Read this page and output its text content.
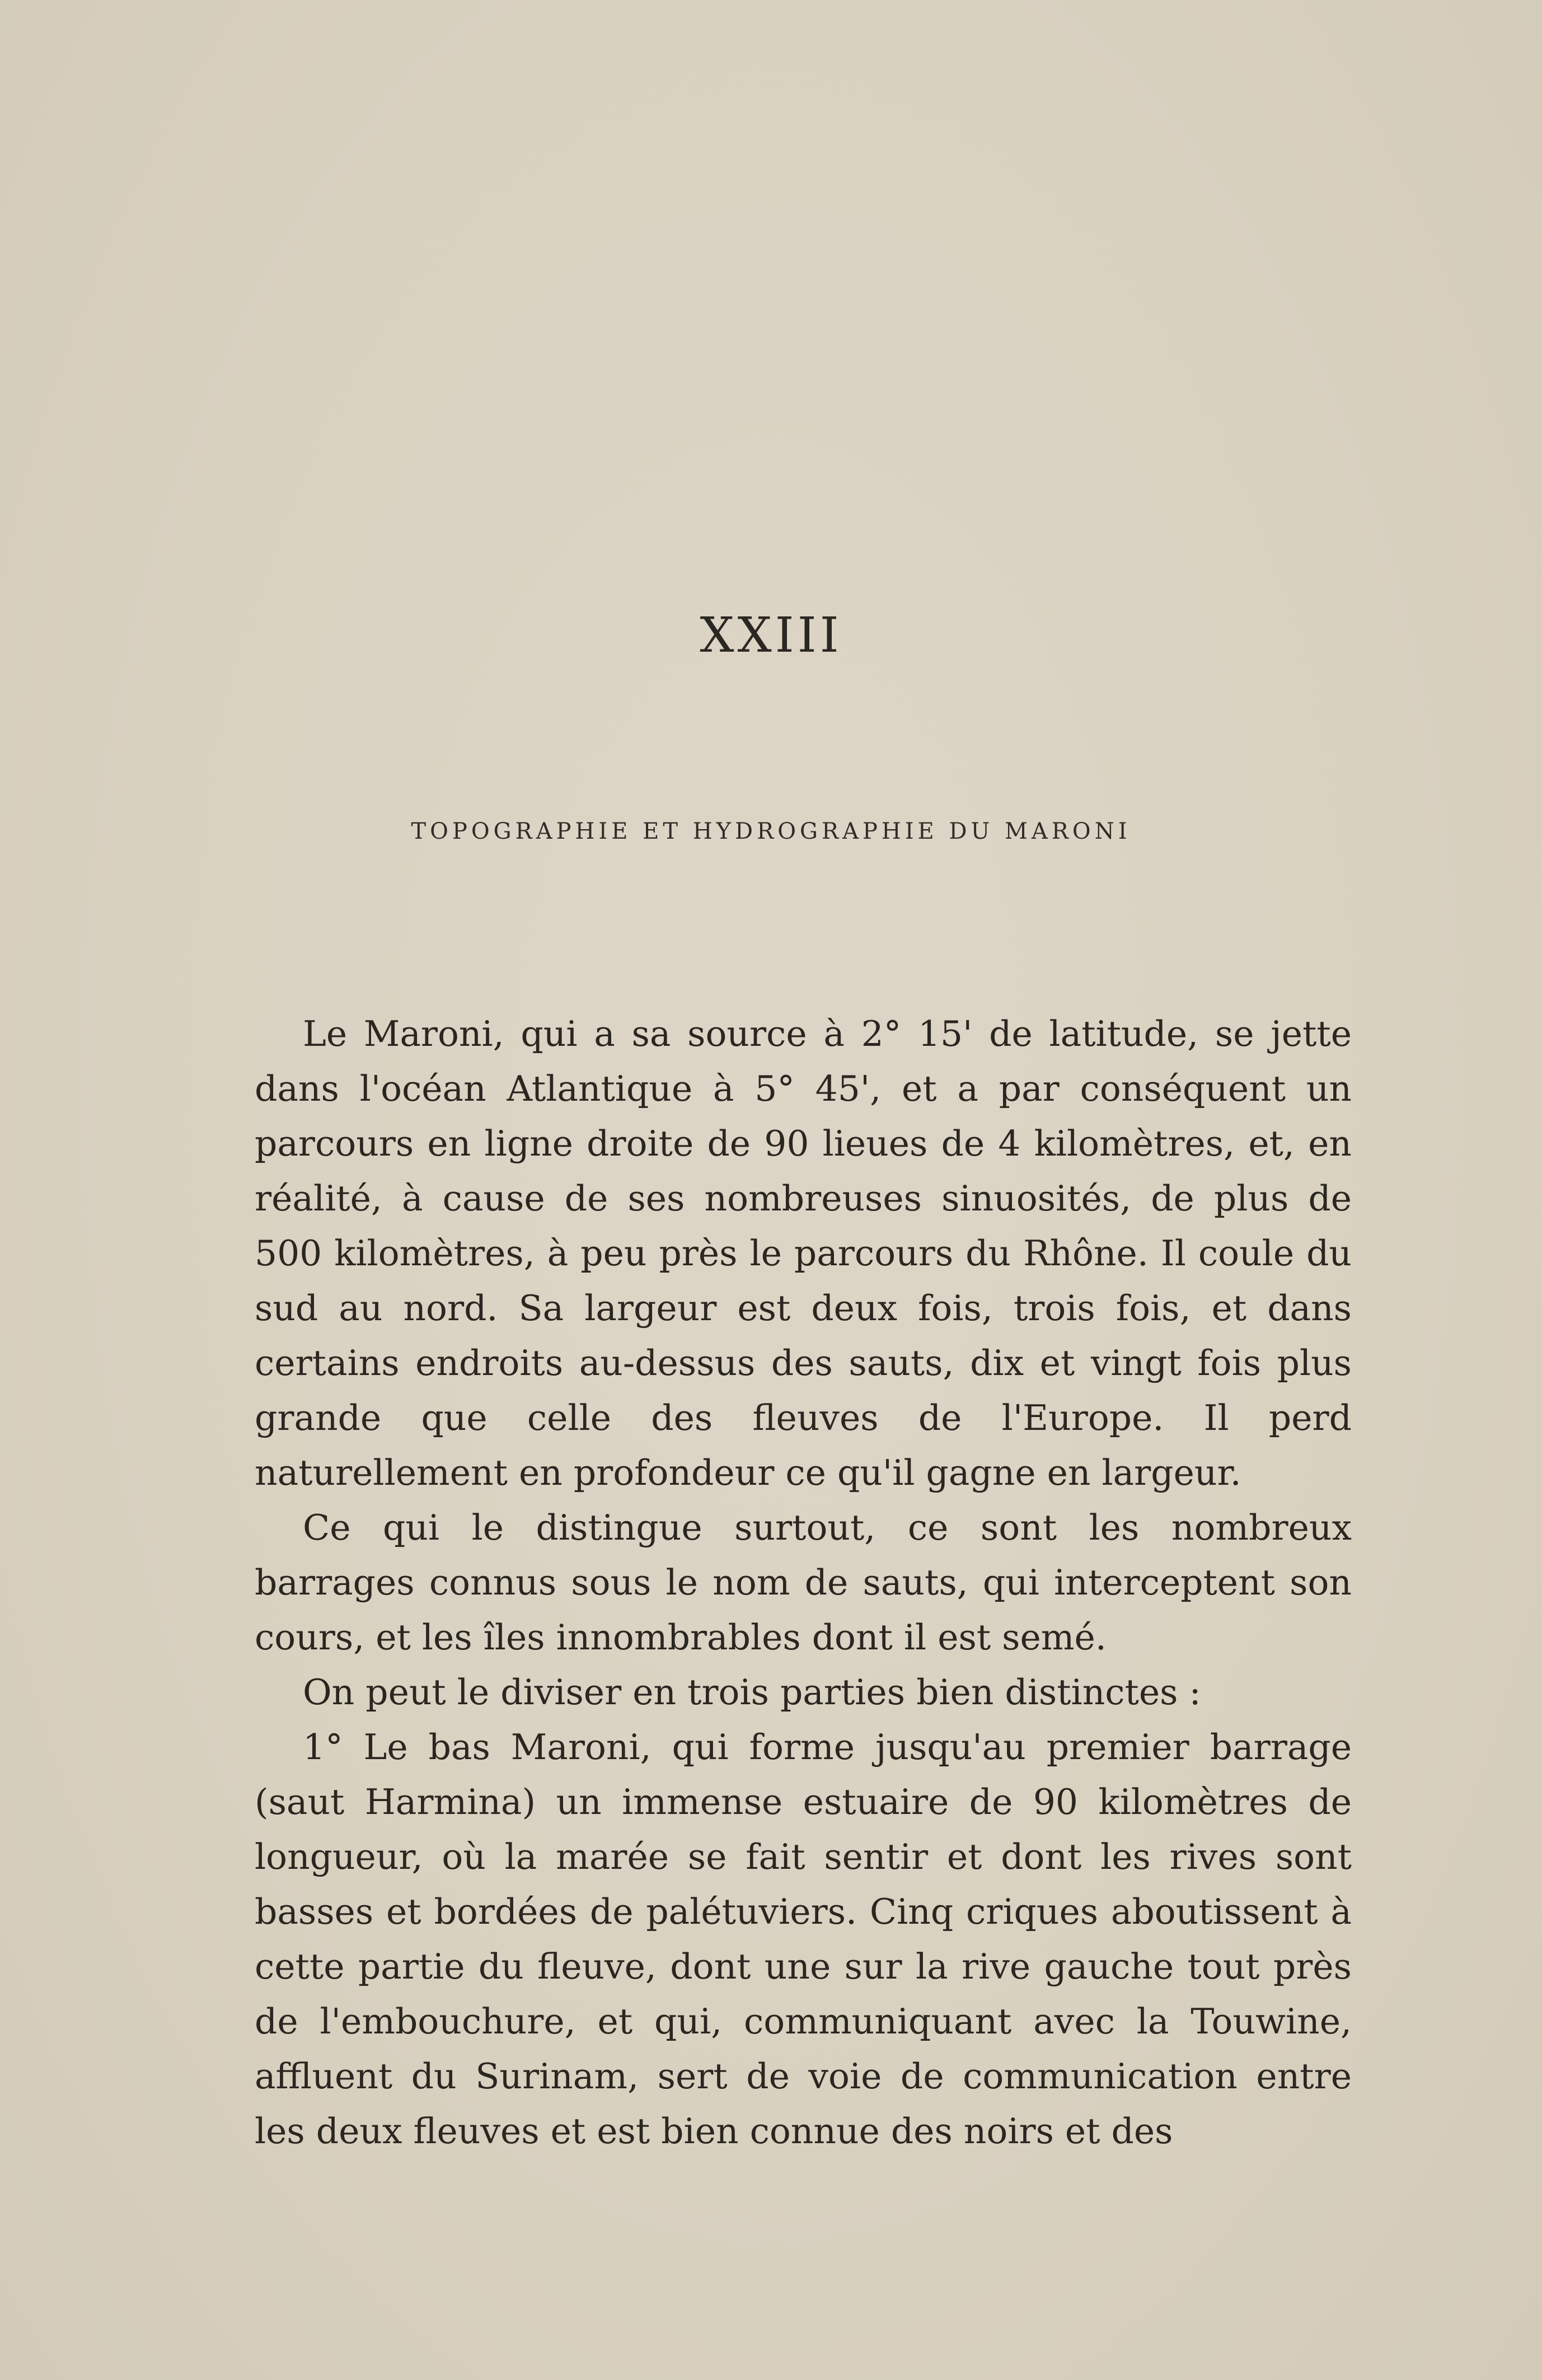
XXIII
TOPOGRAPHIE ET HYDROGRAPHIE DU MARONI

Le Maroni, qui a sa source à 2° 15' de latitude, se jette dans l'océan Atlantique à 5° 45', et a par conséquent un parcours en ligne droite de 90 lieues de 4 kilomètres, et, en réalité, à cause de ses nombreuses sinuosités, de plus de 500 kilomètres, à peu près le parcours du Rhône. Il coule du sud au nord. Sa largeur est deux fois, trois fois, et dans certains endroits au-dessus des sauts, dix et vingt fois plus grande que celle des fleuves de l'Europe. Il perd naturellement en profondeur ce qu'il gagne en largeur.

Ce qui le distingue surtout, ce sont les nombreux barrages connus sous le nom de sauts, qui interceptent son cours, et les îles innombrables dont il est semé.

On peut le diviser en trois parties bien distinctes :

1° Le bas Maroni, qui forme jusqu'au premier barrage (saut Harmina) un immense estuaire de 90 kilomètres de longueur, où la marée se fait sentir et dont les rives sont basses et bordées de palétuviers. Cinq criques aboutissent à cette partie du fleuve, dont une sur la rive gauche tout près de l'embouchure, et qui, communiquant avec la Touwine, affluent du Surinam, sert de voie de communication entre les deux fleuves et est bien connue des noirs et des
